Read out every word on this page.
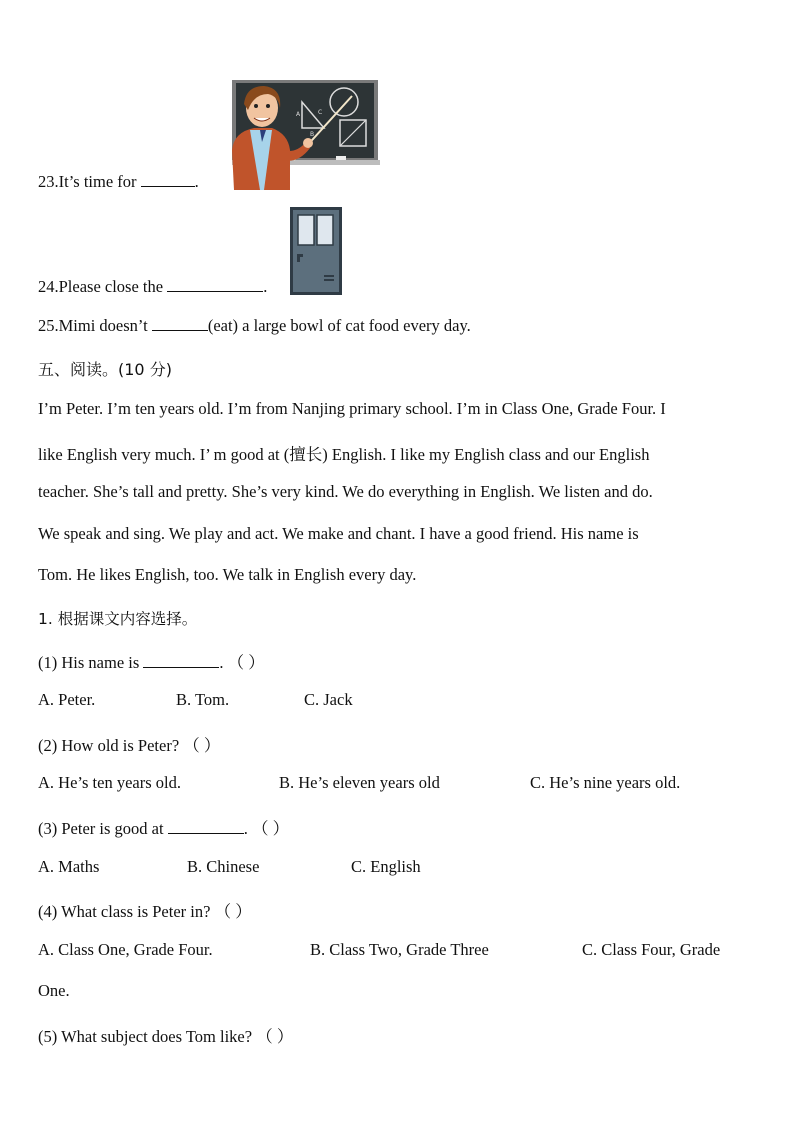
A
B
C
23.It’s time for	.
24.Please close the	.
25.Mimi doesn’t	(eat) a large bowl of cat food every day.
五、阅读。(10 分)
I’m Peter. I’m ten years old. I’m from Nanjing primary school. I’m in Class One, Grade Four. I
like English very much. I’ m good at (擅长) English. I like my English class and our English
teacher. She’s tall and pretty. She’s very kind. We do everything in English. We listen and do.
We speak and sing. We play and act. We make and chant. I have a good friend. His name is
Tom. He likes English, too. We talk in English every day.
1. 根据课文内容选择。
(1) His name is	. （ ）
A. Peter.	B. Tom.	C. Jack
(2) How old is Peter? （ ）
A. He’s ten years old.	B. He’s eleven years old	C. He’s nine years old.
(3) Peter is good at	. （ ）
A. Maths	B. Chinese	C. English
(4) What class is Peter in? （ ）
A. Class One, Grade Four.	B. Class Two, Grade Three	C. Class Four, Grade
One.
(5) What subject does Tom like? （ ）
